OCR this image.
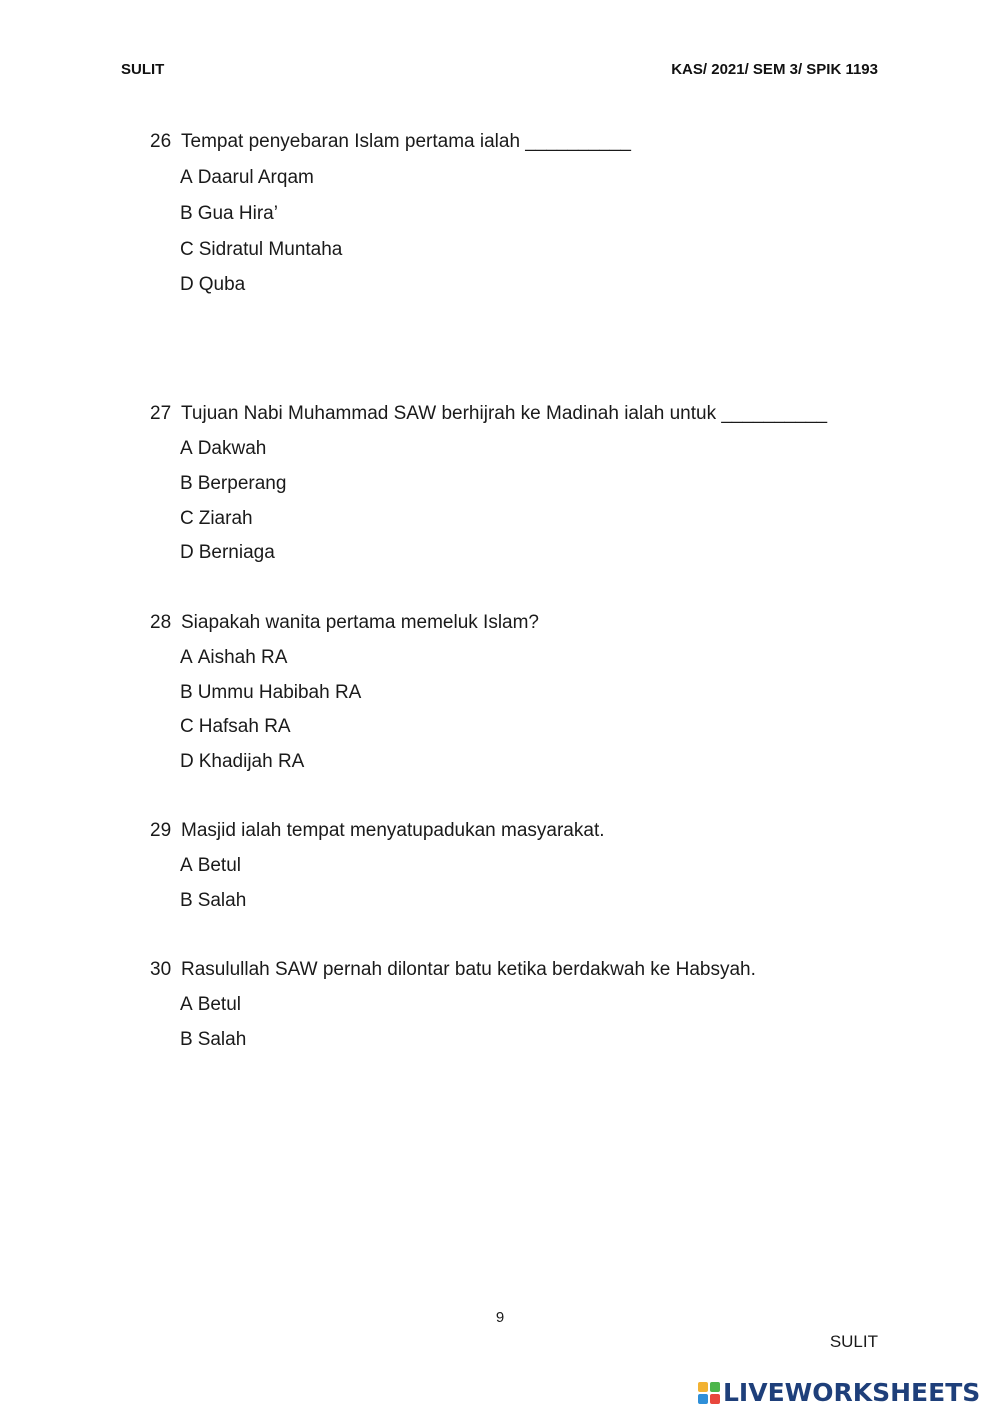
SULIT	KAS/ 2021/ SEM 3/ SPIK 1193
26 Tempat penyebaran Islam pertama ialah __________
A Daarul Arqam
B Gua Hira’
C Sidratul Muntaha
D Quba
27 Tujuan Nabi Muhammad SAW berhijrah ke Madinah ialah untuk __________
A Dakwah
B Berperang
C Ziarah
D Berniaga
28 Siapakah wanita pertama memeluk Islam?
A Aishah RA
B Ummu Habibah RA
C Hafsah RA
D Khadijah RA
29 Masjid ialah tempat menyatupadukan masyarakat.
A Betul
B Salah
30 Rasulullah SAW pernah dilontar batu ketika berdakwah ke Habsyah.
A Betul
B Salah
9
SULIT
LIVEWORKSHEETS
